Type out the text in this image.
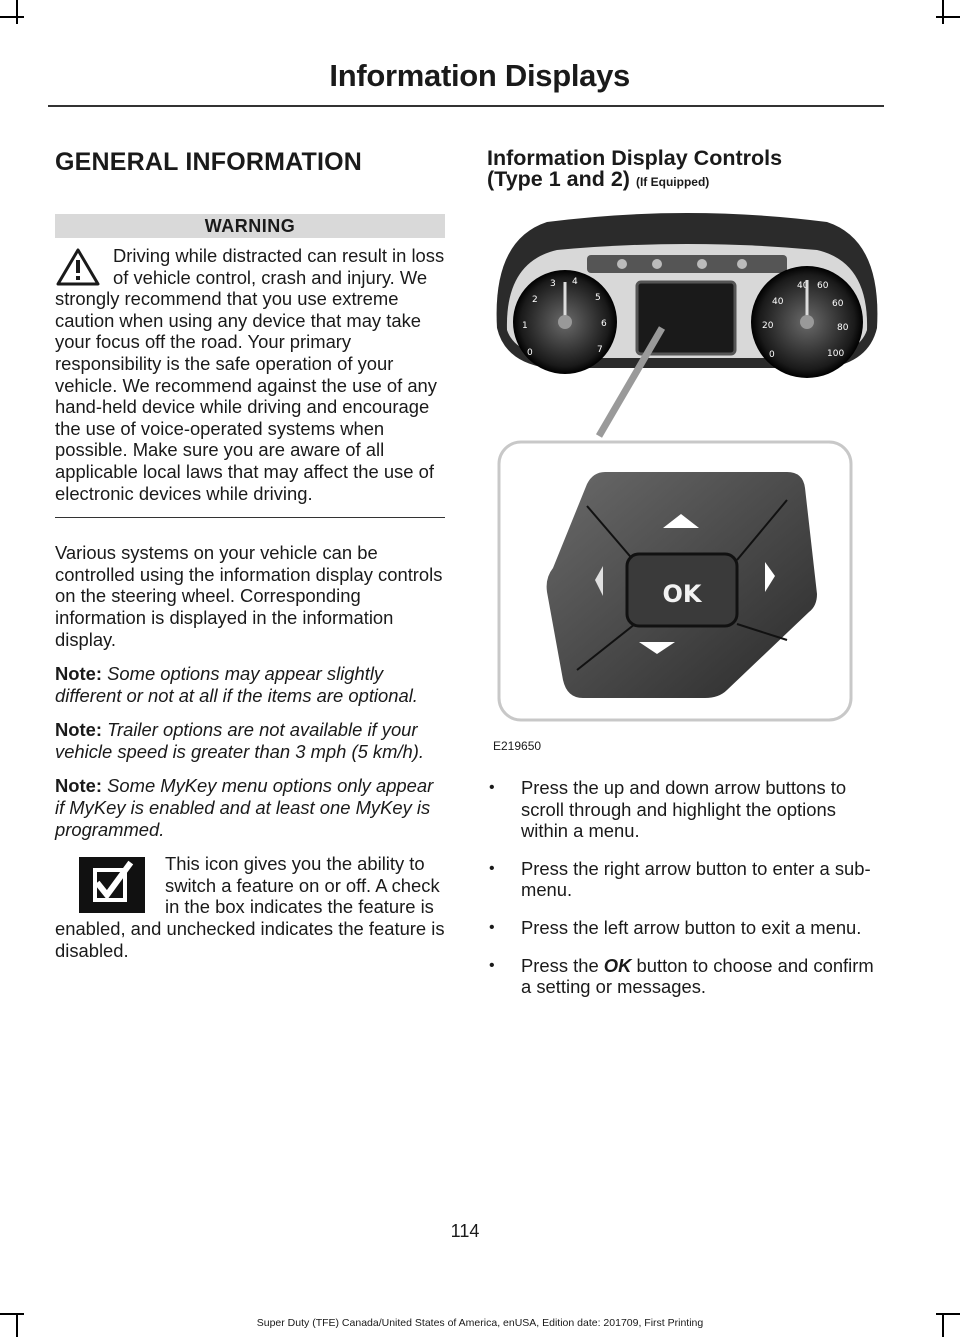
Information Displays
GENERAL INFORMATION
WARNING
Driving while distracted can result in loss of vehicle control, crash and injury. We strongly recommend that you use extreme caution when using any device that may take your focus off the road. Your primary responsibility is the safe operation of your vehicle. We recommend against the use of any hand-held device while driving and encourage the use of voice-operated systems when possible. Make sure you are aware of all applicable local laws that may affect the use of electronic devices while driving.

Various systems on your vehicle can be controlled using the information display controls on the steering wheel. Corresponding information is displayed in the information display.

Note: Some options may appear slightly different or not at all if the items are optional.
Note: Trailer options are not available if your vehicle speed is greater than 3 mph (5 km/h).
Note: Some MyKey menu options only appear if MyKey is enabled and at least one MyKey is programmed.
This icon gives you the ability to switch a feature on or off. A check in the box indicates the feature is enabled, and unchecked indicates the feature is disabled.
Information Display Controls
(Type 1 and 2) (If Equipped)
0
1
2
3 4
5
6
7	0
20
40
40 60
60
80
100
OK
E219650
• Press the up and down arrow buttons to scroll through and highlight the options within a menu.
• Press the right arrow button to enter a sub-menu.
• Press the left arrow button to exit a menu.
• Press the OK button to choose and confirm a setting or messages.
114
Super Duty (TFE) Canada/United States of America, enUSA, Edition date: 201709, First Printing
